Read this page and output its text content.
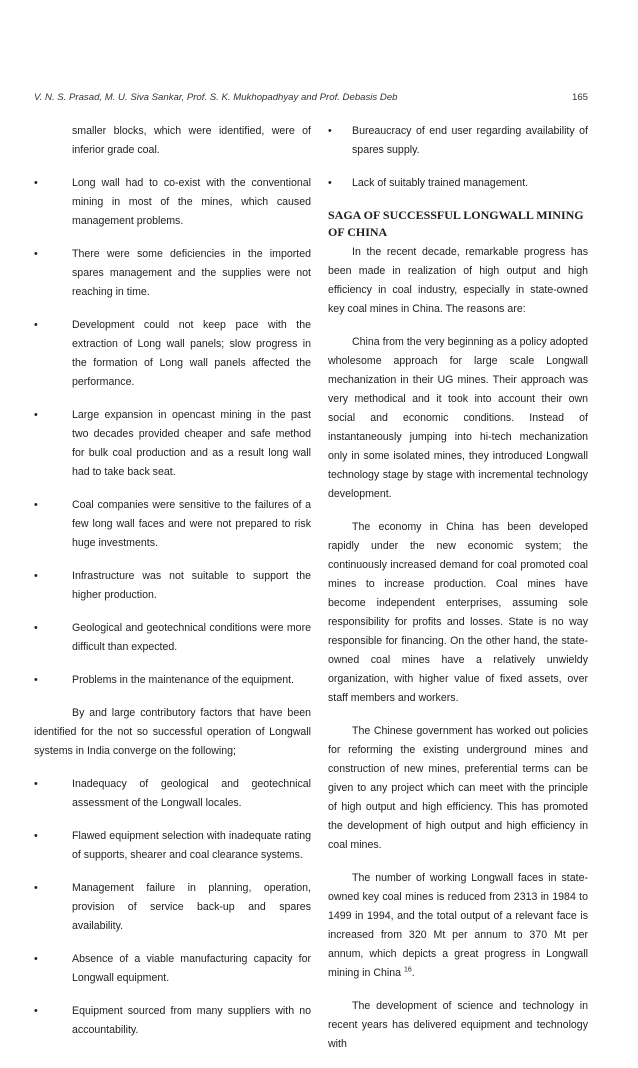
V. N. S. Prasad, M. U. Siva Sankar, Prof. S. K. Mukhopadhyay and Prof. Debasis Deb	165
smaller blocks, which were identified, were of inferior grade coal.
•	Long wall had to co-exist with the conventional mining in most of the mines, which caused management problems.
•	There were some deficiencies in the imported spares management and the supplies were not reaching in time.
•	Development could not keep pace with the extraction of Long wall panels; slow progress in the formation of Long wall panels affected the performance.
•	Large expansion in opencast mining in the past two decades provided cheaper and safe method for bulk coal production and as a result long wall had to take back seat.
•	Coal companies were sensitive to the failures of a few long wall faces and were not prepared to risk huge investments.
•	Infrastructure was not suitable to support the higher production.
•	Geological and geotechnical conditions were more difficult than expected.
•	Problems in the maintenance of the equipment.
By and large contributory factors that have been identified for the not so successful operation of Longwall systems in India converge on the following;
•	Inadequacy of geological and geotechnical assessment of the Longwall locales.
•	Flawed equipment selection with inadequate rating of supports, shearer and coal clearance systems.
•	Management failure in planning, operation, provision of service back-up and spares availability.
•	Absence of a viable manufacturing capacity for Longwall equipment.
•	Equipment sourced from many suppliers with no accountability.
• Bureaucracy of end user regarding availability of spares supply.
• Lack of suitably trained management.
SAGA OF SUCCESSFUL LONGWALL MINING OF CHINA
In the recent decade, remarkable progress has been made in realization of high output and high efficiency in coal industry, especially in state-owned key coal mines in China. The reasons are:
China from the very beginning as a policy adopted wholesome approach for large scale Longwall mechanization in their UG mines. Their approach was very methodical and it took into account their own social and economic conditions. Instead of instantaneously jumping into hi-tech mechanization only in some isolated mines, they introduced Longwall technology stage by stage with incremental technology development.
The economy in China has been developed rapidly under the new economic system; the continuously increased demand for coal promoted coal mines to increase production. Coal mines have become independent enterprises, assuming sole responsibility for profits and losses. State is no way responsible for financing. On the other hand, the state-owned coal mines have a relatively unwieldy organization, with higher value of fixed assets, over staff members and workers.
The Chinese government has worked out policies for reforming the existing underground mines and construction of new mines, preferential terms can be given to any project which can meet with the principle of high output and high efficiency. This has promoted the development of high output and high efficiency in coal mines.
The number of working Longwall faces in state-owned key coal mines is reduced from 2313 in 1984 to 1499 in 1994, and the total output of a relevant face is increased from 320 Mt per annum to 370 Mt per annum, which depicts a great progress in Longwall mining in China $^{16}$.
The development of science and technology in recent years has delivered equipment and technology with
